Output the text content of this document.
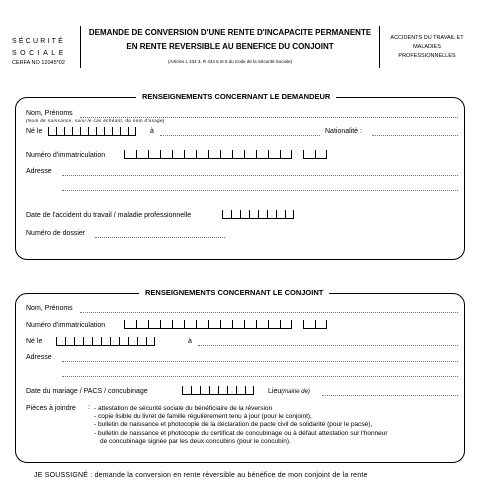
SÉCURITÉ
SOCIALE
CERFA NO 12045*02
DEMANDE DE CONVERSION D'UNE RENTE D'INCAPACITE PERMANENTE
EN RENTE REVERSIBLE AU BENEFICE DU CONJOINT
(Articles L 434 3, R 434 5 et 6 du Code de la Sécurité Sociale)
ACCIDENTS DU TRAVAIL ET MALADIES PROFESSIONNELLES
RENSEIGNEMENTS CONCERNANT LE DEMANDEUR
Nom, Prénoms
(Nom de naissance, suivi le cas échéant, du nom d'usage)
Né le	à	Nationalité :
Numéro d'immatriculation
Adresse
Date de l'accident du travail / maladie professionnelle
Numéro de dossier
RENSEIGNEMENTS CONCERNANT LE CONJOINT
Nom, Prénoms
Numéro d'immatriculation
Né le	à
Adresse
Date du mariage / PACS / concubinage	Lieu(mairie de)
Pièces à joindre : - attestation de sécurité sociale du bénéficiaire de la réversion
- copie lisible du livret de famille régulièrement tenu à jour (pour le conjoint),
- bulletin de naissance et photocopie de la déclaration de pacte civil de solidarité (pour le pacsé),
- bulletin de naissance et photocopie du certificat de concubinage ou à défaut attestation sur l'honneur
de concubinage signée par les deux concubins (pour le concubin).
JE SOUSSIGNÉ : demande la conversion en rente réversible au bénéfice de mon conjoint de la rente
